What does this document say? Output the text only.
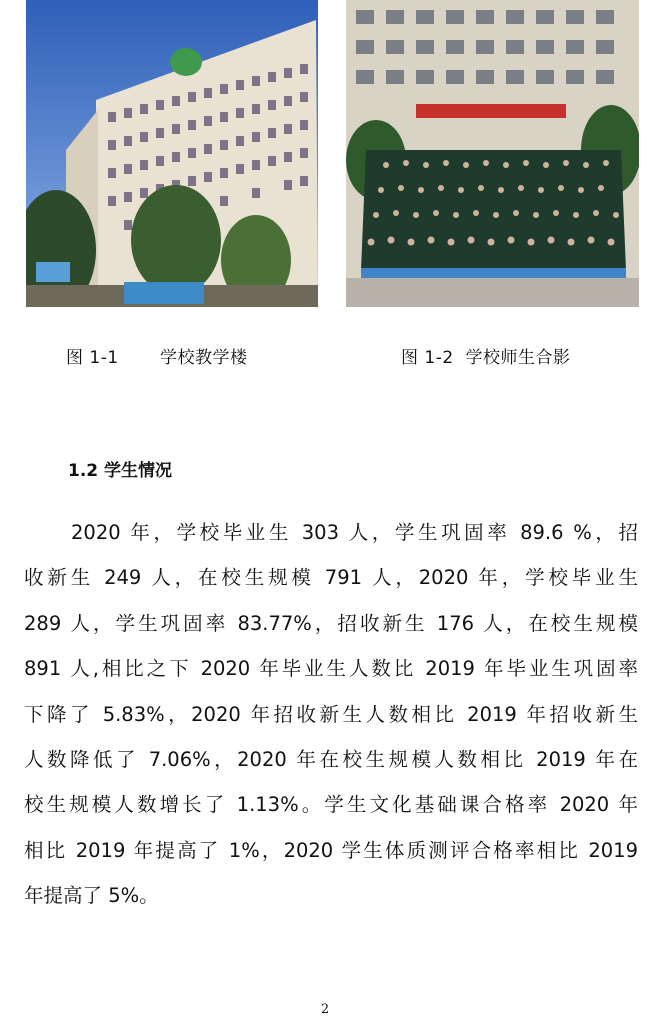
图 1-1       学校教学楼	图 1-2  学校师生合影
1.2 学生情况
2020 年，学校毕业生 303 人，学生巩固率 89.6 %，招
收新生 249 人，在校生规模 791 人，2020 年，学校毕业生
289 人，学生巩固率 83.77%，招收新生 176 人，在校生规模
891 人,相比之下 2020 年毕业生人数比 2019 年毕业生巩固率
下降了 5.83%，2020 年招收新生人数相比 2019 年招收新生
人数降低了 7.06%，2020 年在校生规模人数相比 2019 年在
校生规模人数增长了 1.13%。学生文化基础课合格率 2020 年
相比 2019 年提高了 1%，2020 学生体质测评合格率相比 2019
年提高了 5%。
2
